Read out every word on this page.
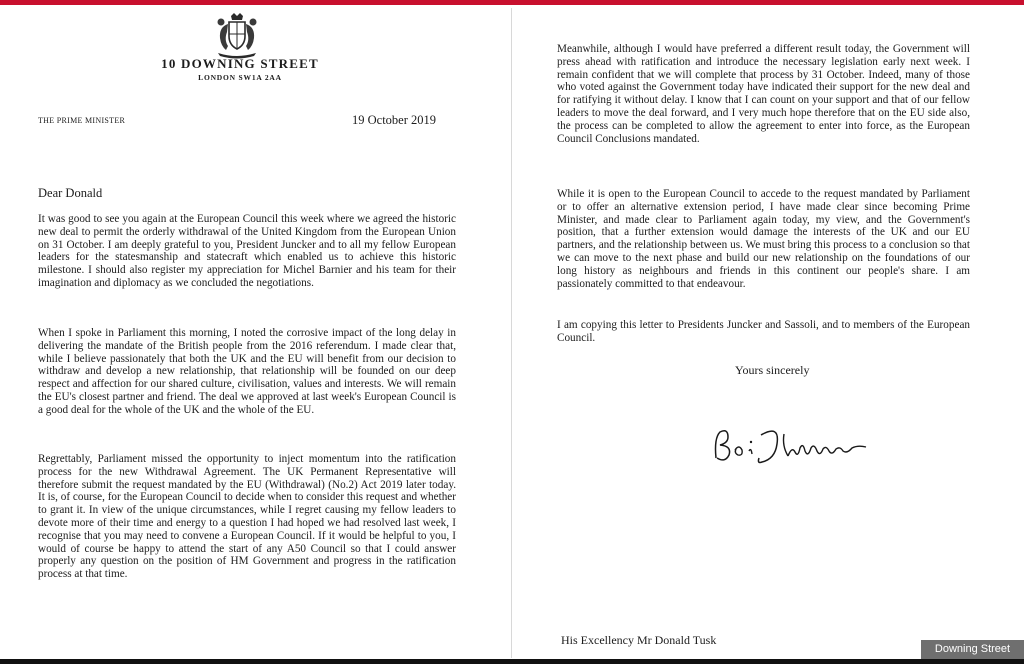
10 DOWNING STREET
LONDON SW1A 2AA
THE PRIME MINISTER	19 October 2019
Dear Donald

It was good to see you again at the European Council this week where we agreed the historic new deal to permit the orderly withdrawal of the United Kingdom from the European Union on 31 October. I am deeply grateful to you, President Juncker and to all my fellow European leaders for the statesmanship and statecraft which enabled us to achieve this historic milestone. I should also register my appreciation for Michel Barnier and his team for their imagination and diplomacy as we concluded the negotiations.

When I spoke in Parliament this morning, I noted the corrosive impact of the long delay in delivering the mandate of the British people from the 2016 referendum. I made clear that, while I believe passionately that both the UK and the EU will benefit from our decision to withdraw and develop a new relationship, that relationship will be founded on our deep respect and affection for our shared culture, civilisation, values and interests. We will remain the EU's closest partner and friend. The deal we approved at last week's European Council is a good deal for the whole of the UK and the whole of the EU.

Regrettably, Parliament missed the opportunity to inject momentum into the ratification process for the new Withdrawal Agreement. The UK Permanent Representative will therefore submit the request mandated by the EU (Withdrawal) (No.2) Act 2019 later today. It is, of course, for the European Council to decide when to consider this request and whether to grant it. In view of the unique circumstances, while I regret causing my fellow leaders to devote more of their time and energy to a question I had hoped we had resolved last week, I recognise that you may need to convene a European Council. If it would be helpful to you, I would of course be happy to attend the start of any A50 Council so that I could answer properly any question on the position of HM Government and progress in the ratification process at that time.

Meanwhile, although I would have preferred a different result today, the Government will press ahead with ratification and introduce the necessary legislation early next week. I remain confident that we will complete that process by 31 October. Indeed, many of those who voted against the Government today have indicated their support for the new deal and for ratifying it without delay. I know that I can count on your support and that of our fellow leaders to move the deal forward, and I very much hope therefore that on the EU side also, the process can be completed to allow the agreement to enter into force, as the European Council Conclusions mandated.

While it is open to the European Council to accede to the request mandated by Parliament or to offer an alternative extension period, I have made clear since becoming Prime Minister, and made clear to Parliament again today, my view, and the Government's position, that a further extension would damage the interests of the UK and our EU partners, and the relationship between us. We must bring this process to a conclusion so that we can move to the next phase and build our new relationship on the foundations of our long history as neighbours and friends in this continent our people's share. I am passionately committed to that endeavour.

I am copying this letter to Presidents Juncker and Sassoli, and to members of the European Council.

Yours sincerely
His Excellency Mr Donald Tusk
Downing Street
